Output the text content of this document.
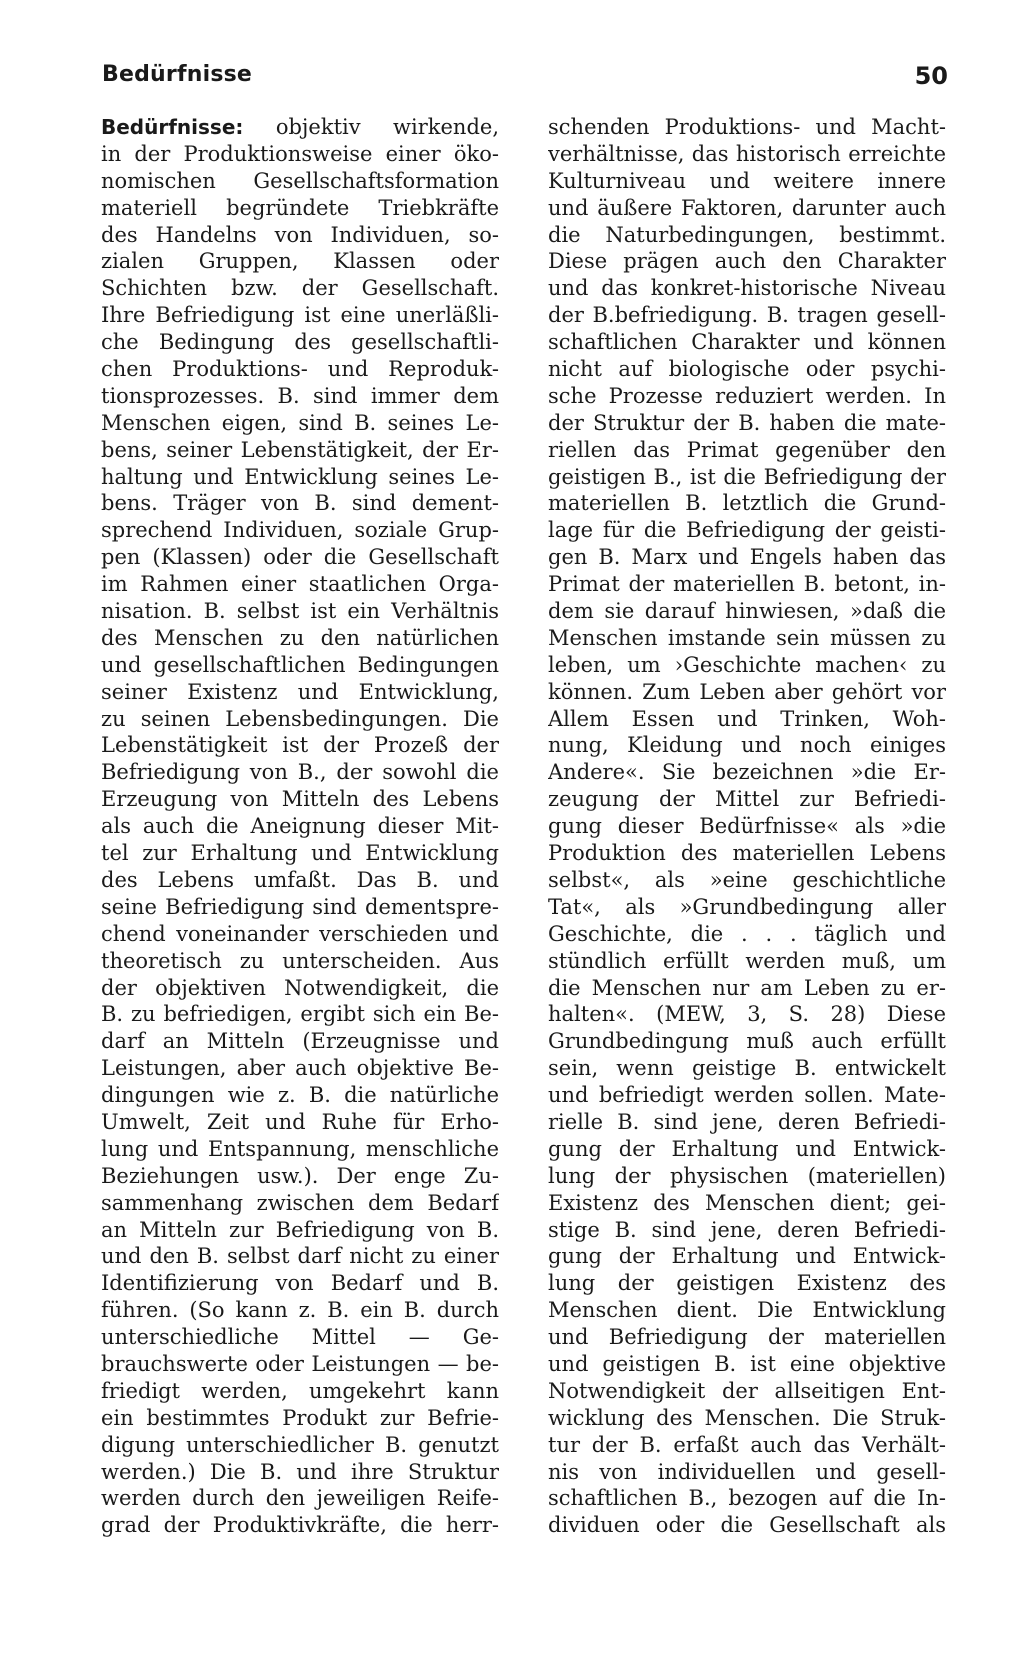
Bedürfnisse	50
Bedürfnisse: objektiv wirkende,
in der Produktionsweise einer öko-
nomischen Gesellschaftsformation
materiell begründete Triebkräfte
des Handelns von Individuen, so-
zialen Gruppen, Klassen oder
Schichten bzw. der Gesellschaft.
Ihre Befriedigung ist eine unerläßli-
che Bedingung des gesellschaftli-
chen Produktions- und Reproduk-
tionsprozesses. B. sind immer dem
Menschen eigen, sind B. seines Le-
bens, seiner Lebenstätigkeit, der Er-
haltung und Entwicklung seines Le-
bens. Träger von B. sind dement-
sprechend Individuen, soziale Grup-
pen (Klassen) oder die Gesellschaft
im Rahmen einer staatlichen Orga-
nisation. B. selbst ist ein Verhältnis
des Menschen zu den natürlichen
und gesellschaftlichen Bedingungen
seiner Existenz und Entwicklung,
zu seinen Lebensbedingungen. Die
Lebenstätigkeit ist der Prozeß der
Befriedigung von B., der sowohl die
Erzeugung von Mitteln des Lebens
als auch die Aneignung dieser Mit-
tel zur Erhaltung und Entwicklung
des Lebens umfaßt. Das B. und
seine Befriedigung sind dementspre-
chend voneinander verschieden und
theoretisch zu unterscheiden. Aus
der objektiven Notwendigkeit, die
B. zu befriedigen, ergibt sich ein Be-
darf an Mitteln (Erzeugnisse und
Leistungen, aber auch objektive Be-
dingungen wie z. B. die natürliche
Umwelt, Zeit und Ruhe für Erho-
lung und Entspannung, menschliche
Beziehungen usw.). Der enge Zu-
sammenhang zwischen dem Bedarf
an Mitteln zur Befriedigung von B.
und den B. selbst darf nicht zu einer
Identifizierung von Bedarf und B.
führen. (So kann z. B. ein B. durch
unterschiedliche Mittel — Ge-
brauchswerte oder Leistungen — be-
friedigt werden, umgekehrt kann
ein bestimmtes Produkt zur Befrie-
digung unterschiedlicher B. genutzt
werden.) Die B. und ihre Struktur
werden durch den jeweiligen Reife-
grad der Produktivkräfte, die herr-
schenden Produktions- und Macht-
verhältnisse, das historisch erreichte
Kulturniveau und weitere innere
und äußere Faktoren, darunter auch
die Naturbedingungen, bestimmt.
Diese prägen auch den Charakter
und das konkret-historische Niveau
der B.befriedigung. B. tragen gesell-
schaftlichen Charakter und können
nicht auf biologische oder psychi-
sche Prozesse reduziert werden. In
der Struktur der B. haben die mate-
riellen das Primat gegenüber den
geistigen B., ist die Befriedigung der
materiellen B. letztlich die Grund-
lage für die Befriedigung der geisti-
gen B. Marx und Engels haben das
Primat der materiellen B. betont, in-
dem sie darauf hinwiesen, »daß die
Menschen imstande sein müssen zu
leben, um ›Geschichte machen‹ zu
können. Zum Leben aber gehört vor
Allem Essen und Trinken, Woh-
nung, Kleidung und noch einiges
Andere«. Sie bezeichnen »die Er-
zeugung der Mittel zur Befriedi-
gung dieser Bedürfnisse« als »die
Produktion des materiellen Lebens
selbst«, als »eine geschichtliche
Tat«, als »Grundbedingung aller
Geschichte, die . . . täglich und
stündlich erfüllt werden muß, um
die Menschen nur am Leben zu er-
halten«. (MEW, 3, S. 28) Diese
Grundbedingung muß auch erfüllt
sein, wenn geistige B. entwickelt
und befriedigt werden sollen. Mate-
rielle B. sind jene, deren Befriedi-
gung der Erhaltung und Entwick-
lung der physischen (materiellen)
Existenz des Menschen dient; gei-
stige B. sind jene, deren Befriedi-
gung der Erhaltung und Entwick-
lung der geistigen Existenz des
Menschen dient. Die Entwicklung
und Befriedigung der materiellen
und geistigen B. ist eine objektive
Notwendigkeit der allseitigen Ent-
wicklung des Menschen. Die Struk-
tur der B. erfaßt auch das Verhält-
nis von individuellen und gesell-
schaftlichen B., bezogen auf die In-
dividuen oder die Gesellschaft als
